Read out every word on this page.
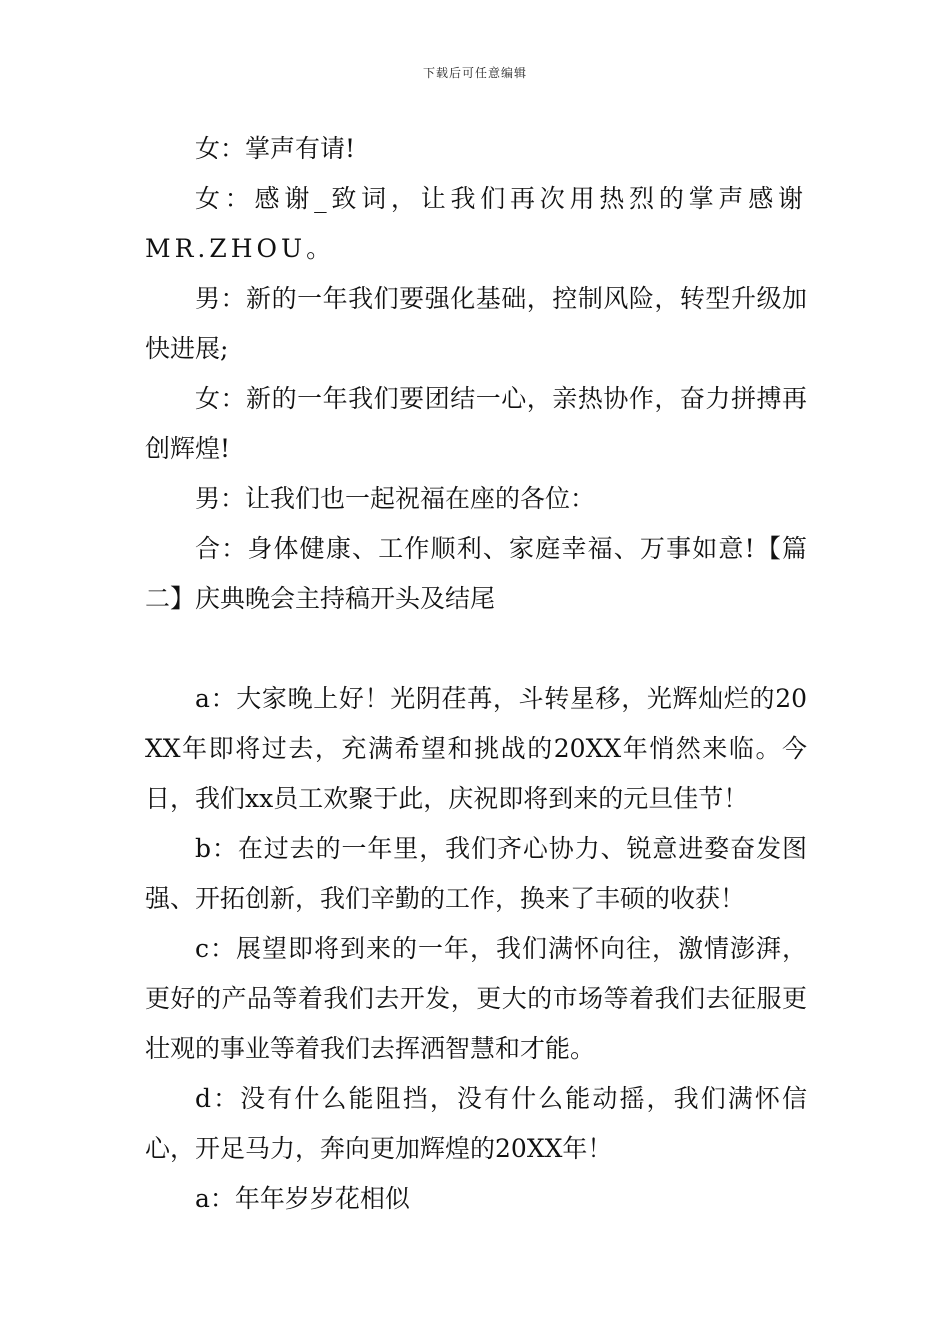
下载后可任意编辑

女：掌声有请!

女：感谢_致词，让我们再次用热烈的掌声感谢MR.ZHOU。

男：新的一年我们要强化基础，控制风险，转型升级加快进展;

女：新的一年我们要团结一心，亲热协作，奋力拼搏再创辉煌!

男：让我们也一起祝福在座的各位：

合：身体健康、工作顺利、家庭幸福、万事如意!【篇二】庆典晚会主持稿开头及结尾

a：大家晚上好！光阴荏苒，斗转星移，光辉灿烂的20XX年即将过去，充满希望和挑战的20XX年悄然来临。今日，我们xx员工欢聚于此，庆祝即将到来的元旦佳节！

b：在过去的一年里，我们齐心协力、锐意进婺奋发图强、开拓创新，我们辛勤的工作，换来了丰硕的收获！

c：展望即将到来的一年，我们满怀向往，激情澎湃，更好的产品等着我们去开发，更大的市场等着我们去征服更壮观的事业等着我们去挥洒智慧和才能。

d：没有什么能阻挡，没有什么能动摇，我们满怀信心，开足马力，奔向更加辉煌的20XX年！

a：年年岁岁花相似
